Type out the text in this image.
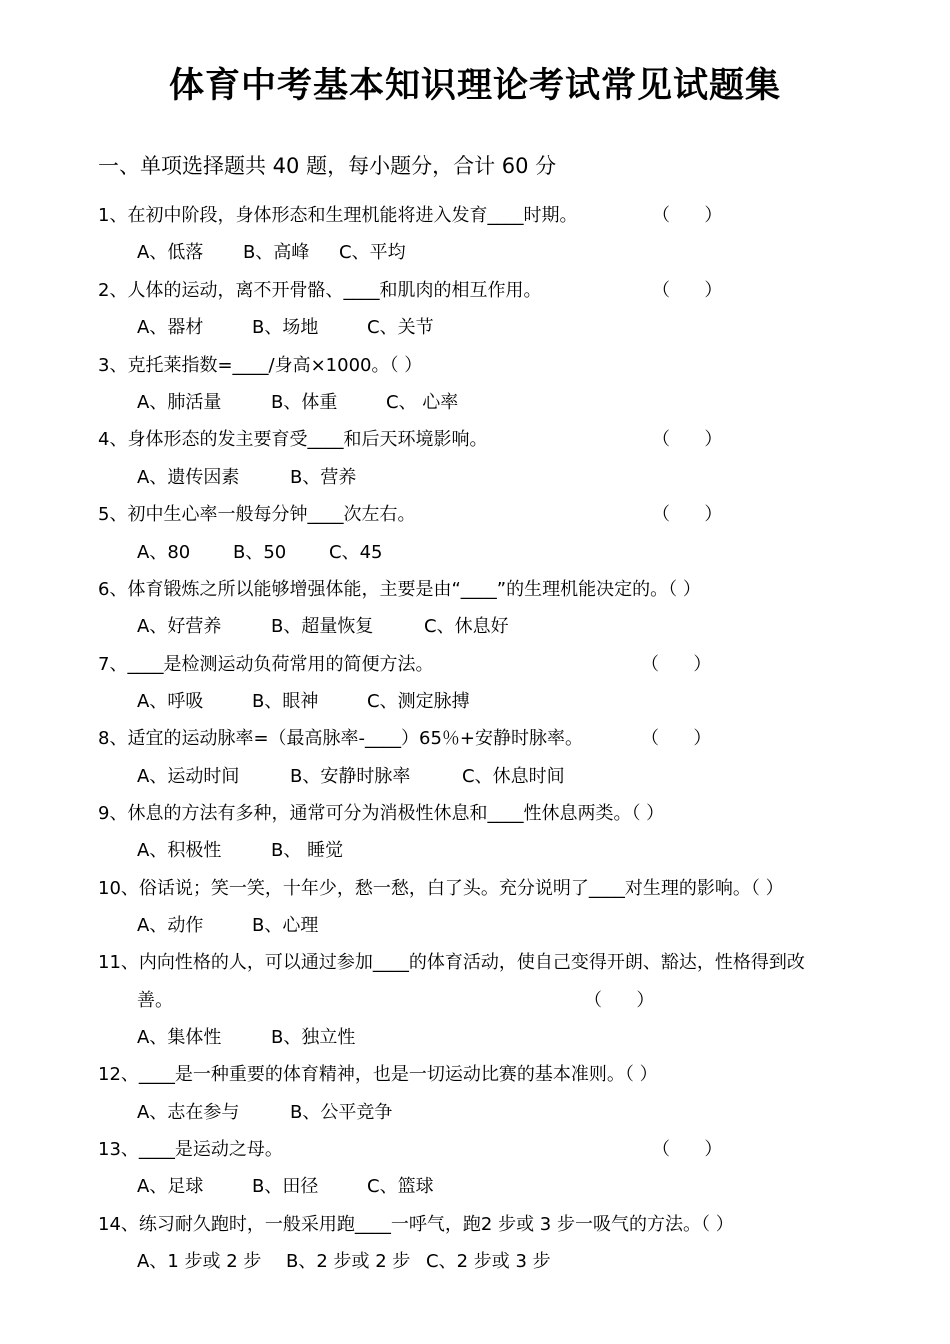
体育中考基本知识理论考试常见试题集
一、单项选择题共 40 题，每小题分，合计 60 分
1、在初中阶段，身体形态和生理机能将进入发育____时期。	（      ）
A、低落 B、高峰 C、平均
2、人体的运动，离不开骨骼、____和肌肉的相互作用。	（      ）
A、器材	B、场地	C、关节
3、克托莱指数=____/身高×1000。（ ）
A、肺活量	B、体重	C、 心率
4、身体形态的发主要育受____和后天环境影响。	（      ）
A、遗传因素	B、营养
5、初中生心率一般每分钟____次左右。	（      ）
A、80 B、50 C、45
6、体育锻炼之所以能够增强体能，主要是由“____”的生理机能决定的。（ ）
A、好营养	B、超量恢复	C、休息好
7、____是检测运动负荷常用的简便方法。	（      ）
A、呼吸	B、眼神	C、测定脉搏
8、适宜的运动脉率=（最高脉率-____）65％+安静时脉率。	（      ）
A、运动时间	B、安静时脉率	C、休息时间
9、休息的方法有多种，通常可分为消极性休息和____性休息两类。（ ）
A、积极性	B、 睡觉
10、俗话说；笑一笑，十年少，愁一愁，白了头。充分说明了____对生理的影响。（ ）
A、动作	B、心理
11、内向性格的人，可以通过参加____的体育活动，使自己变得开朗、豁达，性格得到改
善。	（      ）
A、集体性	B、独立性
12、____是一种重要的体育精神，也是一切运动比赛的基本准则。（ ）
A、志在参与	B、公平竞争
13、____是运动之母。	（      ）
A、足球	B、田径	C、篮球
14、练习耐久跑时，一般采用跑____一呼气，跑2 步或 3 步一吸气的方法。（ ）
A、1 步或 2 步 B、2 步或 2 步 C、2 步或 3 步
